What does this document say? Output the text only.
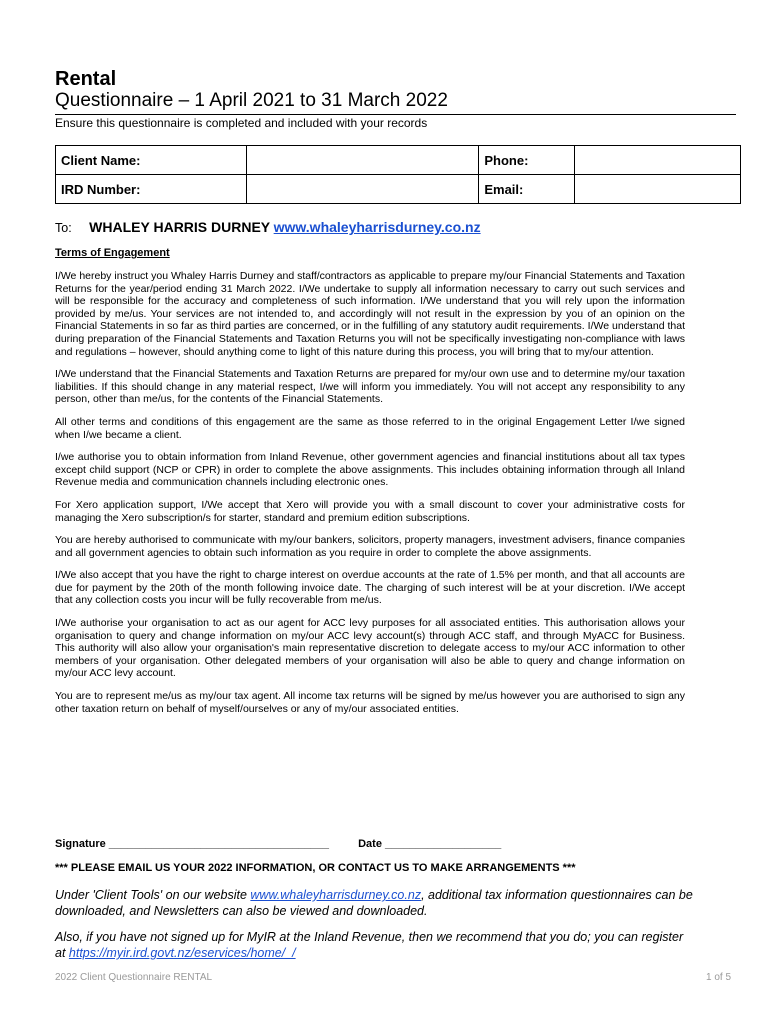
Rental
Questionnaire – 1 April 2021 to 31 March 2022
Ensure this questionnaire is completed and included with your records
Client Name:		Phone:	
IRD Number:		Email:	
To: WHALEY HARRIS DURNEY www.whaleyharrisdurney.co.nz
Terms of Engagement

I/We hereby instruct you Whaley Harris Durney and staff/contractors as applicable to prepare my/our Financial Statements and Taxation Returns for the year/period ending 31 March 2022. I/We undertake to supply all information necessary to carry out such services and will be responsible for the accuracy and completeness of such information. I/We understand that you will rely upon the information provided by me/us. Your services are not intended to, and accordingly will not result in the expression by you of an opinion on the Financial Statements in so far as third parties are concerned, or in the fulfilling of any statutory audit requirements. I/We understand that during preparation of the Financial Statements and Taxation Returns you will not be specifically investigating non-compliance with laws and regulations – however, should anything come to light of this nature during this process, you will bring that to my/our attention.

I/We understand that the Financial Statements and Taxation Returns are prepared for my/our own use and to determine my/our taxation liabilities. If this should change in any material respect, I/we will inform you immediately. You will not accept any responsibility to any person, other than me/us, for the contents of the Financial Statements.

All other terms and conditions of this engagement are the same as those referred to in the original Engagement Letter I/we signed when I/we became a client.

I/we authorise you to obtain information from Inland Revenue, other government agencies and financial institutions about all tax types except child support (NCP or CPR) in order to complete the above assignments. This includes obtaining information through all Inland Revenue media and communication channels including electronic ones.

For Xero application support, I/We accept that Xero will provide you with a small discount to cover your administrative costs for managing the Xero subscription/s for starter, standard and premium edition subscriptions.

You are hereby authorised to communicate with my/our bankers, solicitors, property managers, investment advisers, finance companies and all government agencies to obtain such information as you require in order to complete the above assignments.

I/We also accept that you have the right to charge interest on overdue accounts at the rate of 1.5% per month, and that all accounts are due for payment by the 20th of the month following invoice date. The charging of such interest will be at your discretion. I/We accept that any collection costs you incur will be fully recoverable from me/us.

I/We authorise your organisation to act as our agent for ACC levy purposes for all associated entities. This authorisation allows your organisation to query and change information on my/our ACC levy account(s) through ACC staff, and through MyACC for Business. This authority will also allow your organisation's main representative discretion to delegate access to my/our ACC information to other members of your organisation. Other delegated members of your organisation will also be able to query and change information on my/our ACC levy account.

You are to represent me/us as my/our tax agent. All income tax returns will be signed by me/us however you are authorised to sign any other taxation return on behalf of myself/ourselves or any of my/our associated entities.

Signature ____________________________________	Date ___________________
*** PLEASE EMAIL US YOUR 2022 INFORMATION, OR CONTACT US TO MAKE ARRANGEMENTS ***
Under 'Client Tools' on our website www.whaleyharrisdurney.co.nz, additional tax information questionnaires can be downloaded, and Newsletters can also be viewed and downloaded.
Also, if you have not signed up for MyIR at the Inland Revenue, then we recommend that you do; you can register at https://myir.ird.govt.nz/eservices/home/_/
2022 Client Questionnaire RENTAL	1 of 5
